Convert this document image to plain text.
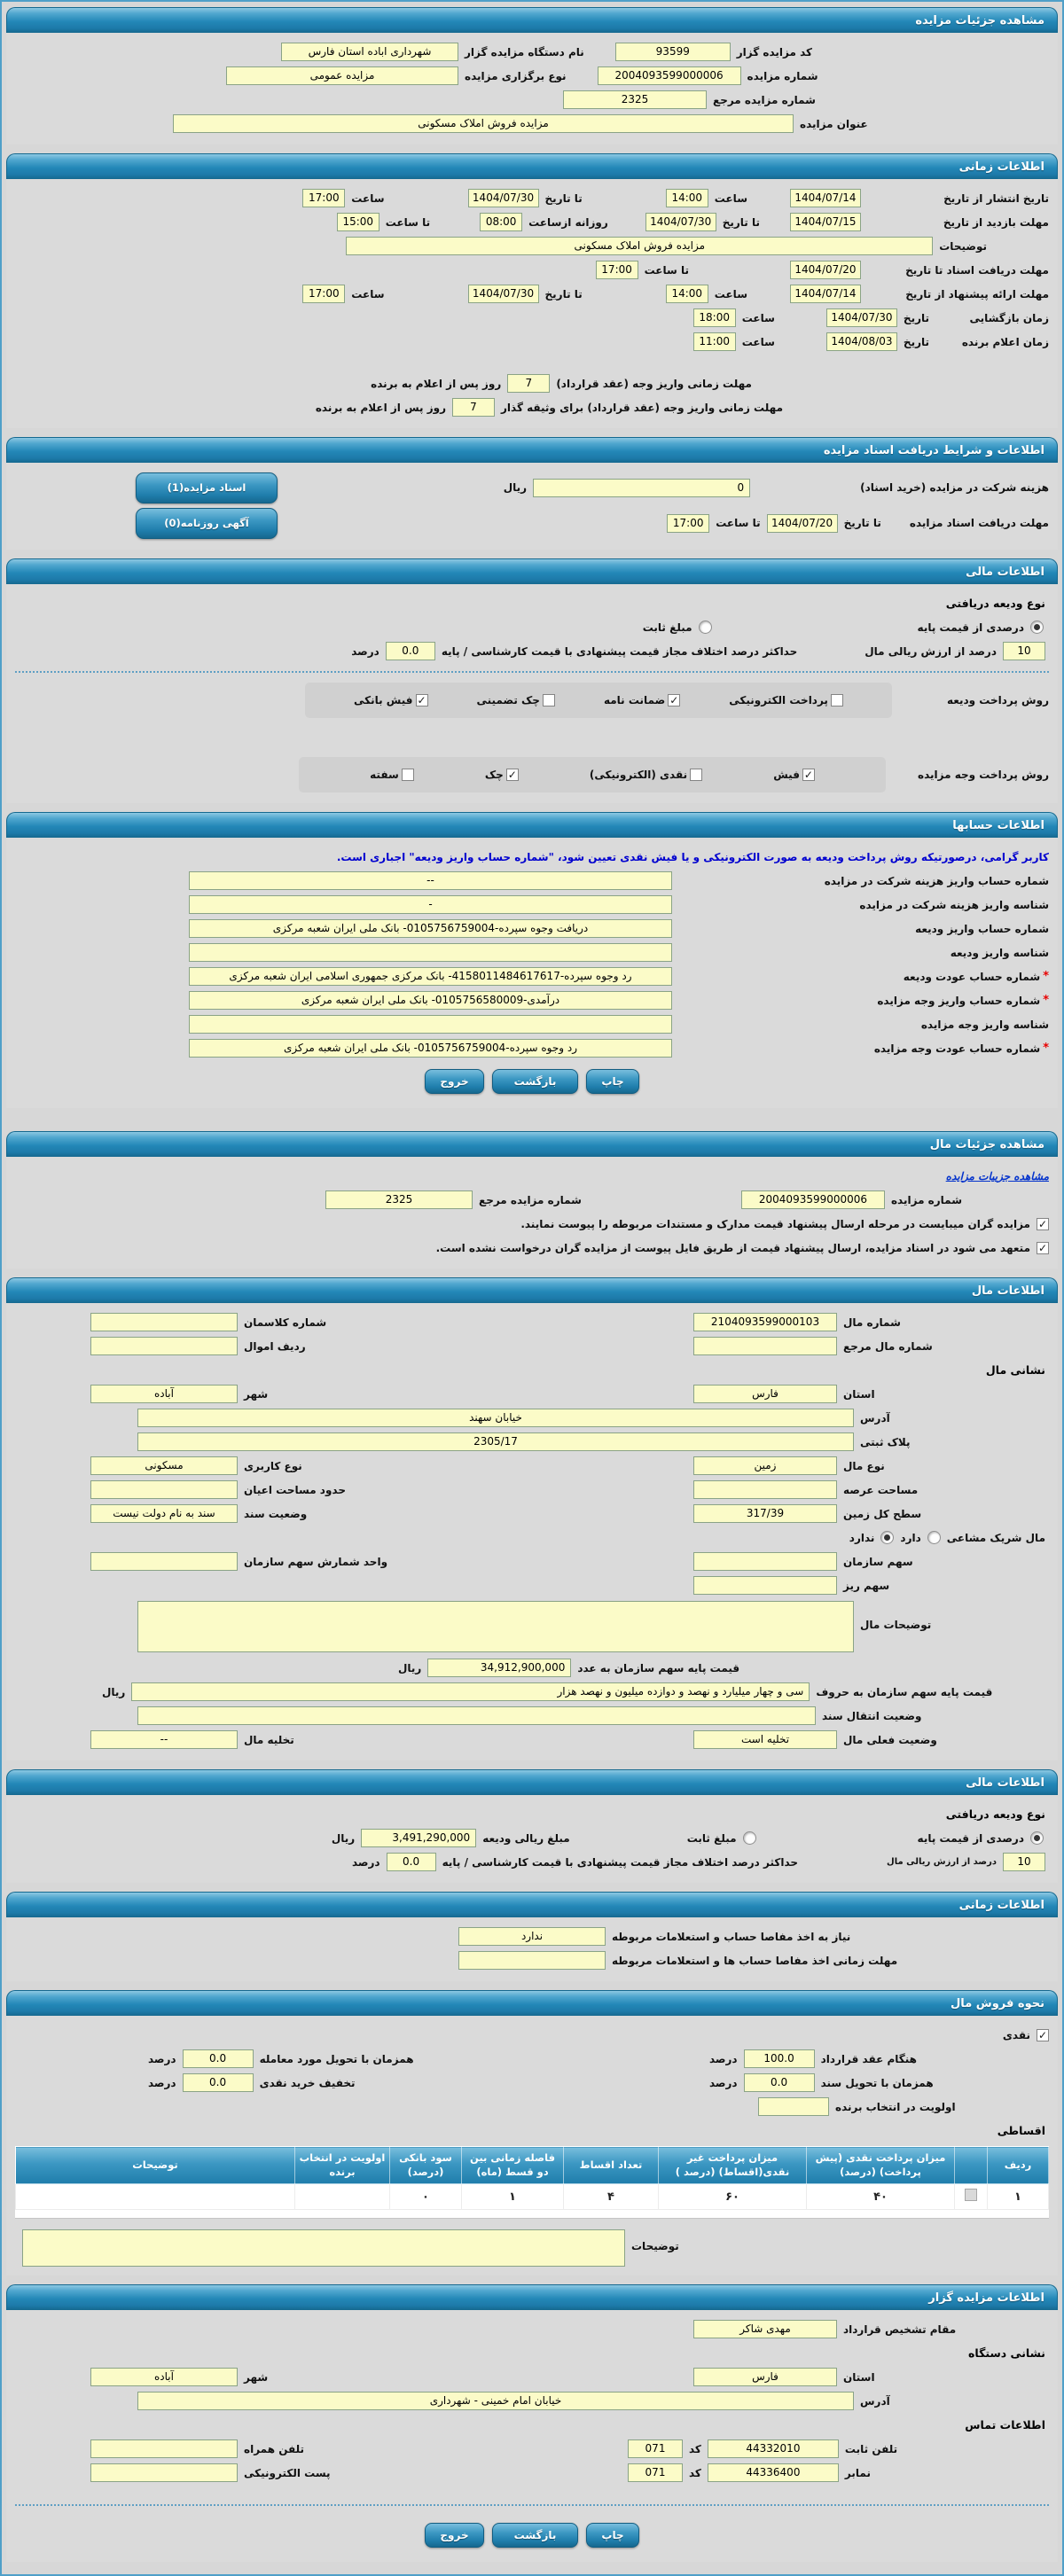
مشاهده جزئیات مزایده
کد مزایده گزار
93599
نام دستگاه مزایده گزار
شهرداری اباده استان فارس
شماره مزایده
2004093599000006
نوع برگزاری مزایده
مزایده عمومی
شماره مزایده مرجع
2325
عنوان مزایده
مزایده فروش املاک مسکونی
اطلاعات زمانی
تاریخ انتشار از تاریخ
1404/07/14
ساعت
14:00
تا تاریخ
1404/07/30
ساعت
17:00
مهلت بازدید از تاریخ
1404/07/15
تا تاریخ
1404/07/30
روزانه ازساعت
08:00
تا ساعت
15:00
توضیحات
مزایده فروش املاک مسکونی
مهلت دریافت اسناد تا تاریخ
1404/07/20
تا ساعت
17:00
مهلت ارائه پیشنهاد از تاریخ
1404/07/14
ساعت
14:00
تا تاریخ
1404/07/30
ساعت
17:00
زمان بازگشایی
تاریخ
1404/07/30
ساعت
18:00
زمان اعلام برنده
تاریخ
1404/08/03
ساعت
11:00
مهلت زمانی واریز وجه (عقد قرارداد)
7
روز پس از اعلام به برنده
مهلت زمانی واریز وجه (عقد قرارداد) برای وثیقه گذار
7
روز پس از اعلام به برنده
اطلاعات و شرایط دریافت اسناد مزایده
هزینه شرکت در مزایده (خرید اسناد)
0
ریال
اسناد مزایده(1)
مهلت دریافت اسناد مزایده
تا تاریخ
1404/07/20
تا ساعت
17:00
آگهی روزنامه(0)
اطلاعات مالی
نوع ودیعه دریافتی
درصدی از قیمت پایه
مبلغ ثابت
10
درصد از ارزش ریالی مال
حداکثر درصد اختلاف مجاز قیمت پیشنهادی با قیمت کارشناسی / پایه
0.0
درصد
روش پرداخت ودیعه
پرداخت الکترونیکی
✓
ضمانت نامه
چک تضمینی
✓
فیش بانکی
روش پرداخت وجه مزایده
✓
فیش
نقدی (الکترونیکی)
✓
چک
سفته
اطلاعات حسابها
کاربر گرامی، درصورتیکه روش پرداخت ودیعه به صورت الکترونیکی و یا فیش نقدی تعیین شود، "شماره حساب واریز ودیعه" اجباری است.
شماره حساب واریز هزینه شرکت در مزایده
--
شناسه واریز هزینه شرکت در مزایده
-
شماره حساب واریز ودیعه
دریافت وجوه سپرده-0105756759004- بانک ملی ایران شعبه مرکزی
شناسه واریز ودیعه
*
شماره حساب عودت ودیعه
رد وجوه سپرده-4158011484617617- بانک مرکزی جمهوری اسلامی ایران شعبه مرکزی
*
شماره حساب واریز وجه مزایده
درآمدی-0105756580009- بانک ملی ایران شعبه مرکزی
شناسه واریز وجه مزایده
*
شماره حساب عودت وجه مزایده
رد وجوه سپرده-0105756759004- بانک ملی ایران شعبه مرکزی
چاپ
بازگشت
خروج
مشاهده جزئیات مال
مشاهده جزییات مزایده
شماره مزایده
2004093599000006
شماره مزایده مرجع
2325
✓
مزایده گران میبایست در مرحله ارسال پیشنهاد قیمت مدارک و مستندات مربوطه را پیوست نمایند.
✓
متعهد می شود در اسناد مزایده، ارسال پیشنهاد قیمت از طریق فایل پیوست از مزایده گران درخواست نشده است.
اطلاعات مال
شماره مال
2104093599000103
شماره کلاسمان
شماره مال مرجع
ردیف اموال
نشانی مال
استان
فارس
شهر
آباده
آدرس
خیابان سهند
پلاک ثبتی
2305/17
نوع مال
زمین
نوع کاربری
مسکونی
مساحت عرصه
حدود مساحت اعیان
سطح کل زمین
317/39
وضعیت سند
سند به نام دولت نیست
مال شریک مشاعی
دارد
ندارد
سهم سازمان
واحد شمارش سهم سازمان
سهم ریز
توضیحات مال
قیمت پایه سهم سازمان به عدد
34,912,900,000
ریال
قیمت پایه سهم سازمان به حروف
سی و چهار میلیارد و نهصد و دوازده میلیون و نهصد هزار
ریال
وضعیت انتقال سند
وضعیت فعلی مال
تخلیه است
تخلیه مال
--
اطلاعات مالی
نوع ودیعه دریافتی
درصدی از قیمت پایه
مبلغ ثابت
مبلغ ریالی ودیعه
3,491,290,000
ریال
10
درصد از ارزش ریالی مال
حداکثر درصد اختلاف مجاز قیمت پیشنهادی با قیمت کارشناسی / پایه
0.0
درصد
اطلاعات زمانی
نیاز به اخذ مفاصا حساب و استعلامات مربوطه
ندارد
مهلت زمانی اخذ مفاصا حساب ها و استعلامات مربوطه
نحوه فروش مال
✓
نقدی
هنگام عقد قرارداد
100.0
درصد
همزمان با تحویل مورد معامله
0.0
درصد
همزمان با تحویل سند
0.0
درصد
تخفیف خرید نقدی
0.0
درصد
اولویت در انتخاب برنده
اقساطی
ردیف		میزان پرداخت نقدی (پیش پرداخت) (درصد)	میزان پرداخت غیر نقدی(اقساط) (درصد )	تعداد اقساط	فاصله زمانی بین دو قسط (ماه)	سود بانکی (درصد)	اولویت در انتخاب برنده	توضیحات
۱		۴۰	۶۰	۴	۱	۰		
توضیحات
اطلاعات مزایده گزار
مقام تشخیص قرارداد
مهدی شاکر
نشانی دستگاه
استان
فارس
شهر
آباده
آدرس
خیابان امام خمینی - شهرداری
اطلاعات تماس
تلفن ثابت
44332010
کد
071
تلفن همراه
نمابر
44336400
کد
071
پست الکترونیکی
چاپ
بازگشت
خروج
